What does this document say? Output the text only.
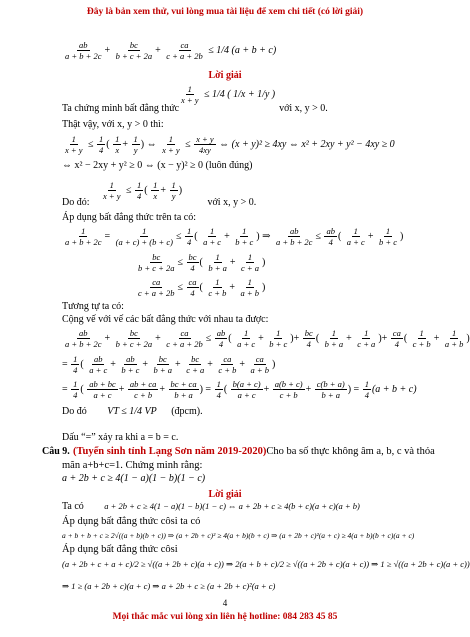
Đây là bản xem thử, vui lòng mua tài liệu để xem chi tiết (có lời giải)
$\frac{ab}{a + b + 2c} + \frac{bc}{b + c + 2a} + \frac{ca}{c + a + 2b} \le 1/4$ (a + b + c)
Lời giải
$\frac{1}{x + y} \le 1/4$ ( 1/x + 1/y )
Ta chứng minh bất đẳng thức	với x, y > 0.
Thật vậy, với x, y > 0 thì:
$\frac{1}{x + y} \le \frac{1}{4}$ ( $\frac{1}{x} + \frac{1}{y}$ ) ⇔ $\frac{1}{x + y} \le \frac{x + y}{4xy}$ ⇔ (x + y)² ≥ 4xy ⇔ x² + 2xy + y² − 4xy ≥ 0
⇔ x² − 2xy + y² ≥ 0 ⇔ (x − y)² ≥ 0 (luôn đúng)
$\frac{1}{x + y} \le \frac{1}{4}$ ( $\frac{1}{x} + \frac{1}{y}$ )
Do đó:	với x, y > 0.
Áp dụng bất đẳng thức trên ta có:
$\frac{1}{a + b + 2c} = \frac{1}{(a + c) + (b + c)} \le \frac{1}{4}$ ( $\frac{1}{a + c} + \frac{1}{b + c}$ ) ⇒ $\frac{ab}{a + b + 2c} \le \frac{ab}{4}$ ( $\frac{1}{a + c} + \frac{1}{b + c}$ )
$\frac{bc}{b + c + 2a} \le \frac{bc}{4}$ ( $\frac{1}{b + a} + \frac{1}{c + a}$ )
$\frac{ca}{c + a + 2b} \le \frac{ca}{4}$ ( $\frac{1}{c + b} + \frac{1}{a + b}$ )
Tương tự ta có:
Cộng vế với vế các bất đẳng thức với nhau ta được:
$\frac{ab}{a + b + 2c} + \frac{bc}{b + c + 2a} + \frac{ca}{c + a + 2b} \le \frac{ab}{4}$ ( $\frac{1}{a + c} + \frac{1}{b + c}$ )+ $\frac{bc}{4}$ ( $\frac{1}{b + a} + \frac{1}{c + a}$ )+ $\frac{ca}{4}$ ( $\frac{1}{c + b} + \frac{1}{a + b}$ )
= $\frac{1}{4}$ ( $\frac{ab}{a + c} + \frac{ab}{b + c} + \frac{bc}{b + a} + \frac{bc}{c + a} + \frac{ca}{c + b} + \frac{ca}{a + b}$ )
= $\frac{1}{4}$ ( $\frac{ab + bc}{a + c} + \frac{ab + ca}{c + b} + \frac{bc + ca}{b + a}$ ) = $\frac{1}{4}$ ( $\frac{b(a + c)}{a + c} + \frac{a(b + c)}{c + b} + \frac{c(b + a)}{b + a}$ ) = $\frac{1}{4} (a + b + c)$
Do đó VT ≤ 1/4 VP (đpcm).
Dấu “=” xảy ra khi a = b = c.
Câu 9. (Tuyển sinh tỉnh Lạng Sơn năm 2019-2020)Cho ba số thực không âm a, b, c và thỏa
mãn a+b+c=1. Chứng minh rằng:
a + 2b + c ≥ 4(1 − a)(1 − b)(1 − c)
Lời giải
Ta có a + 2b + c ≥ 4(1 − a)(1 − b)(1 − c) ⇔ a + 2b + c ≥ 4(b + c)(a + c)(a + b)
Áp dụng bất đẳng thức côsi ta có
a + b + b + c ≥ 2√((a + b)(b + c)) ⇒ (a + 2b + c)² ≥ 4(a + b)(b + c) ⇒ (a + 2b + c)²(a + c) ≥ 4(a + b)(b + c)(a + c)
Áp dụng bất đẳng thức côsi
(a + 2b + c + a + c)/2 ≥ √((a + 2b + c)(a + c)) ⇒ 2(a + b + c)/2 ≥ √((a + 2b + c)(a + c)) ⇒ 1 ≥ √((a + 2b + c)(a + c))
⇒ 1 ≥ (a + 2b + c)(a + c) ⇒ a + 2b + c ≥ (a + 2b + c)²(a + c)
4
Mọi thắc mắc vui lòng xin liên hệ hotline: 084 283 45 85
